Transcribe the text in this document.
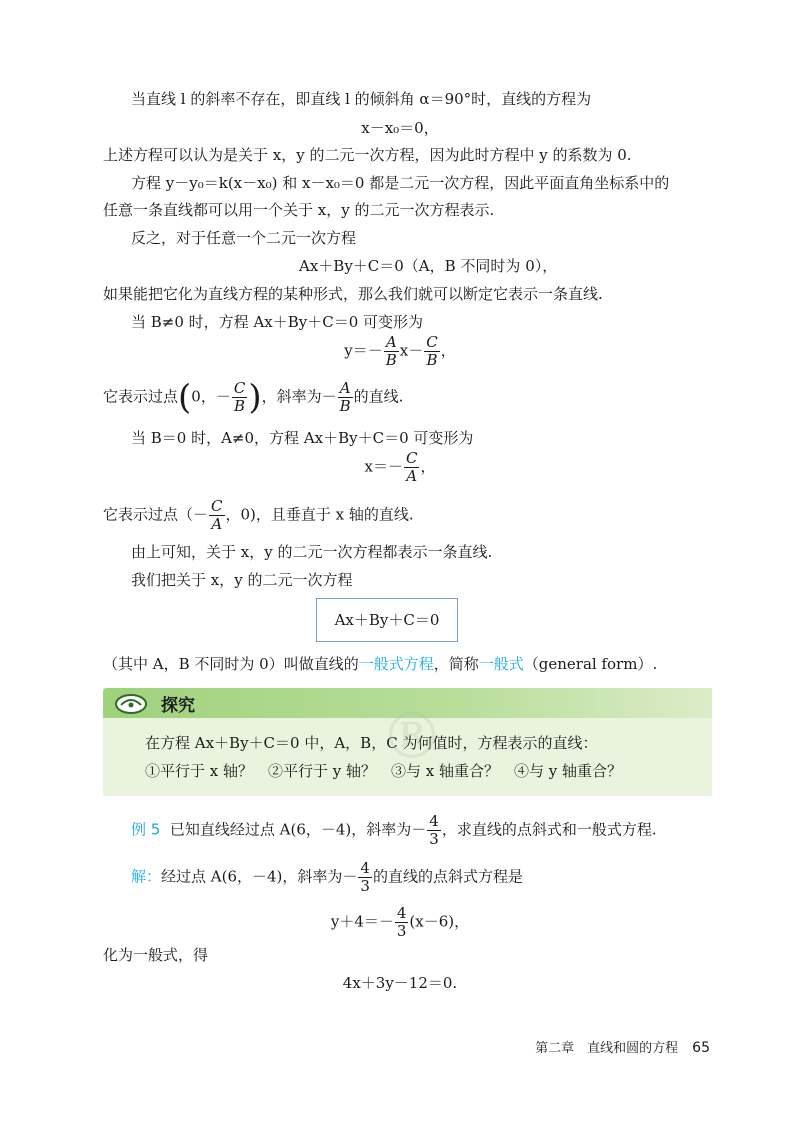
当直线 l 的斜率不存在，即直线 l 的倾斜角 α＝90°时，直线的方程为
x－x₀＝0，
上述方程可以认为是关于 x，y 的二元一次方程，因为此时方程中 y 的系数为 0.
方程 y－y₀＝k(x－x₀) 和 x－x₀＝0 都是二元一次方程，因此平面直角坐标系中的
任意一条直线都可以用一个关于 x，y 的二元一次方程表示.
反之，对于任意一个二元一次方程
Ax＋By＋C＝0（A，B 不同时为 0），
如果能把它化为直线方程的某种形式，那么我们就可以断定它表示一条直线.
当 B≠0 时，方程 Ax＋By＋C＝0 可变形为
$y=- \frac{A}{B} x- \frac{C}{B}$ ，
它表示过点(0，－ $\frac{C}{B}$ )，斜率为－ $\frac{A}{B}$ 的直线.
当 B＝0 时，A≠0，方程 Ax＋By＋C＝0 可变形为
$x=- \frac{C}{A}$ ，
它表示过点（－ $\frac{C}{A}$ ，0)，且垂直于 x 轴的直线.
由上可知，关于 x，y 的二元一次方程都表示一条直线.
我们把关于 x，y 的二元一次方程
Ax＋By＋C＝0
（其中 A，B 不同时为 0）叫做直线的一般式方程，简称一般式（general form）.
探究
在方程 Ax＋By＋C＝0 中，A，B，C 为何值时，方程表示的直线：
①平行于 x 轴？　②平行于 y 轴？　③与 x 轴重合？　④与 y 轴重合？
®
例 5 已知直线经过点 A(6，－4)，斜率为－ $\frac{4}{3}$ ，求直线的点斜式和一般式方程.
解：经过点 A(6，－4)，斜率为－ $\frac{4}{3}$ 的直线的点斜式方程是
$y+4=- \frac{4}{3} (x-6)$，
化为一般式，得
4x＋3y－12＝0.
第二章　直线和圆的方程 65
